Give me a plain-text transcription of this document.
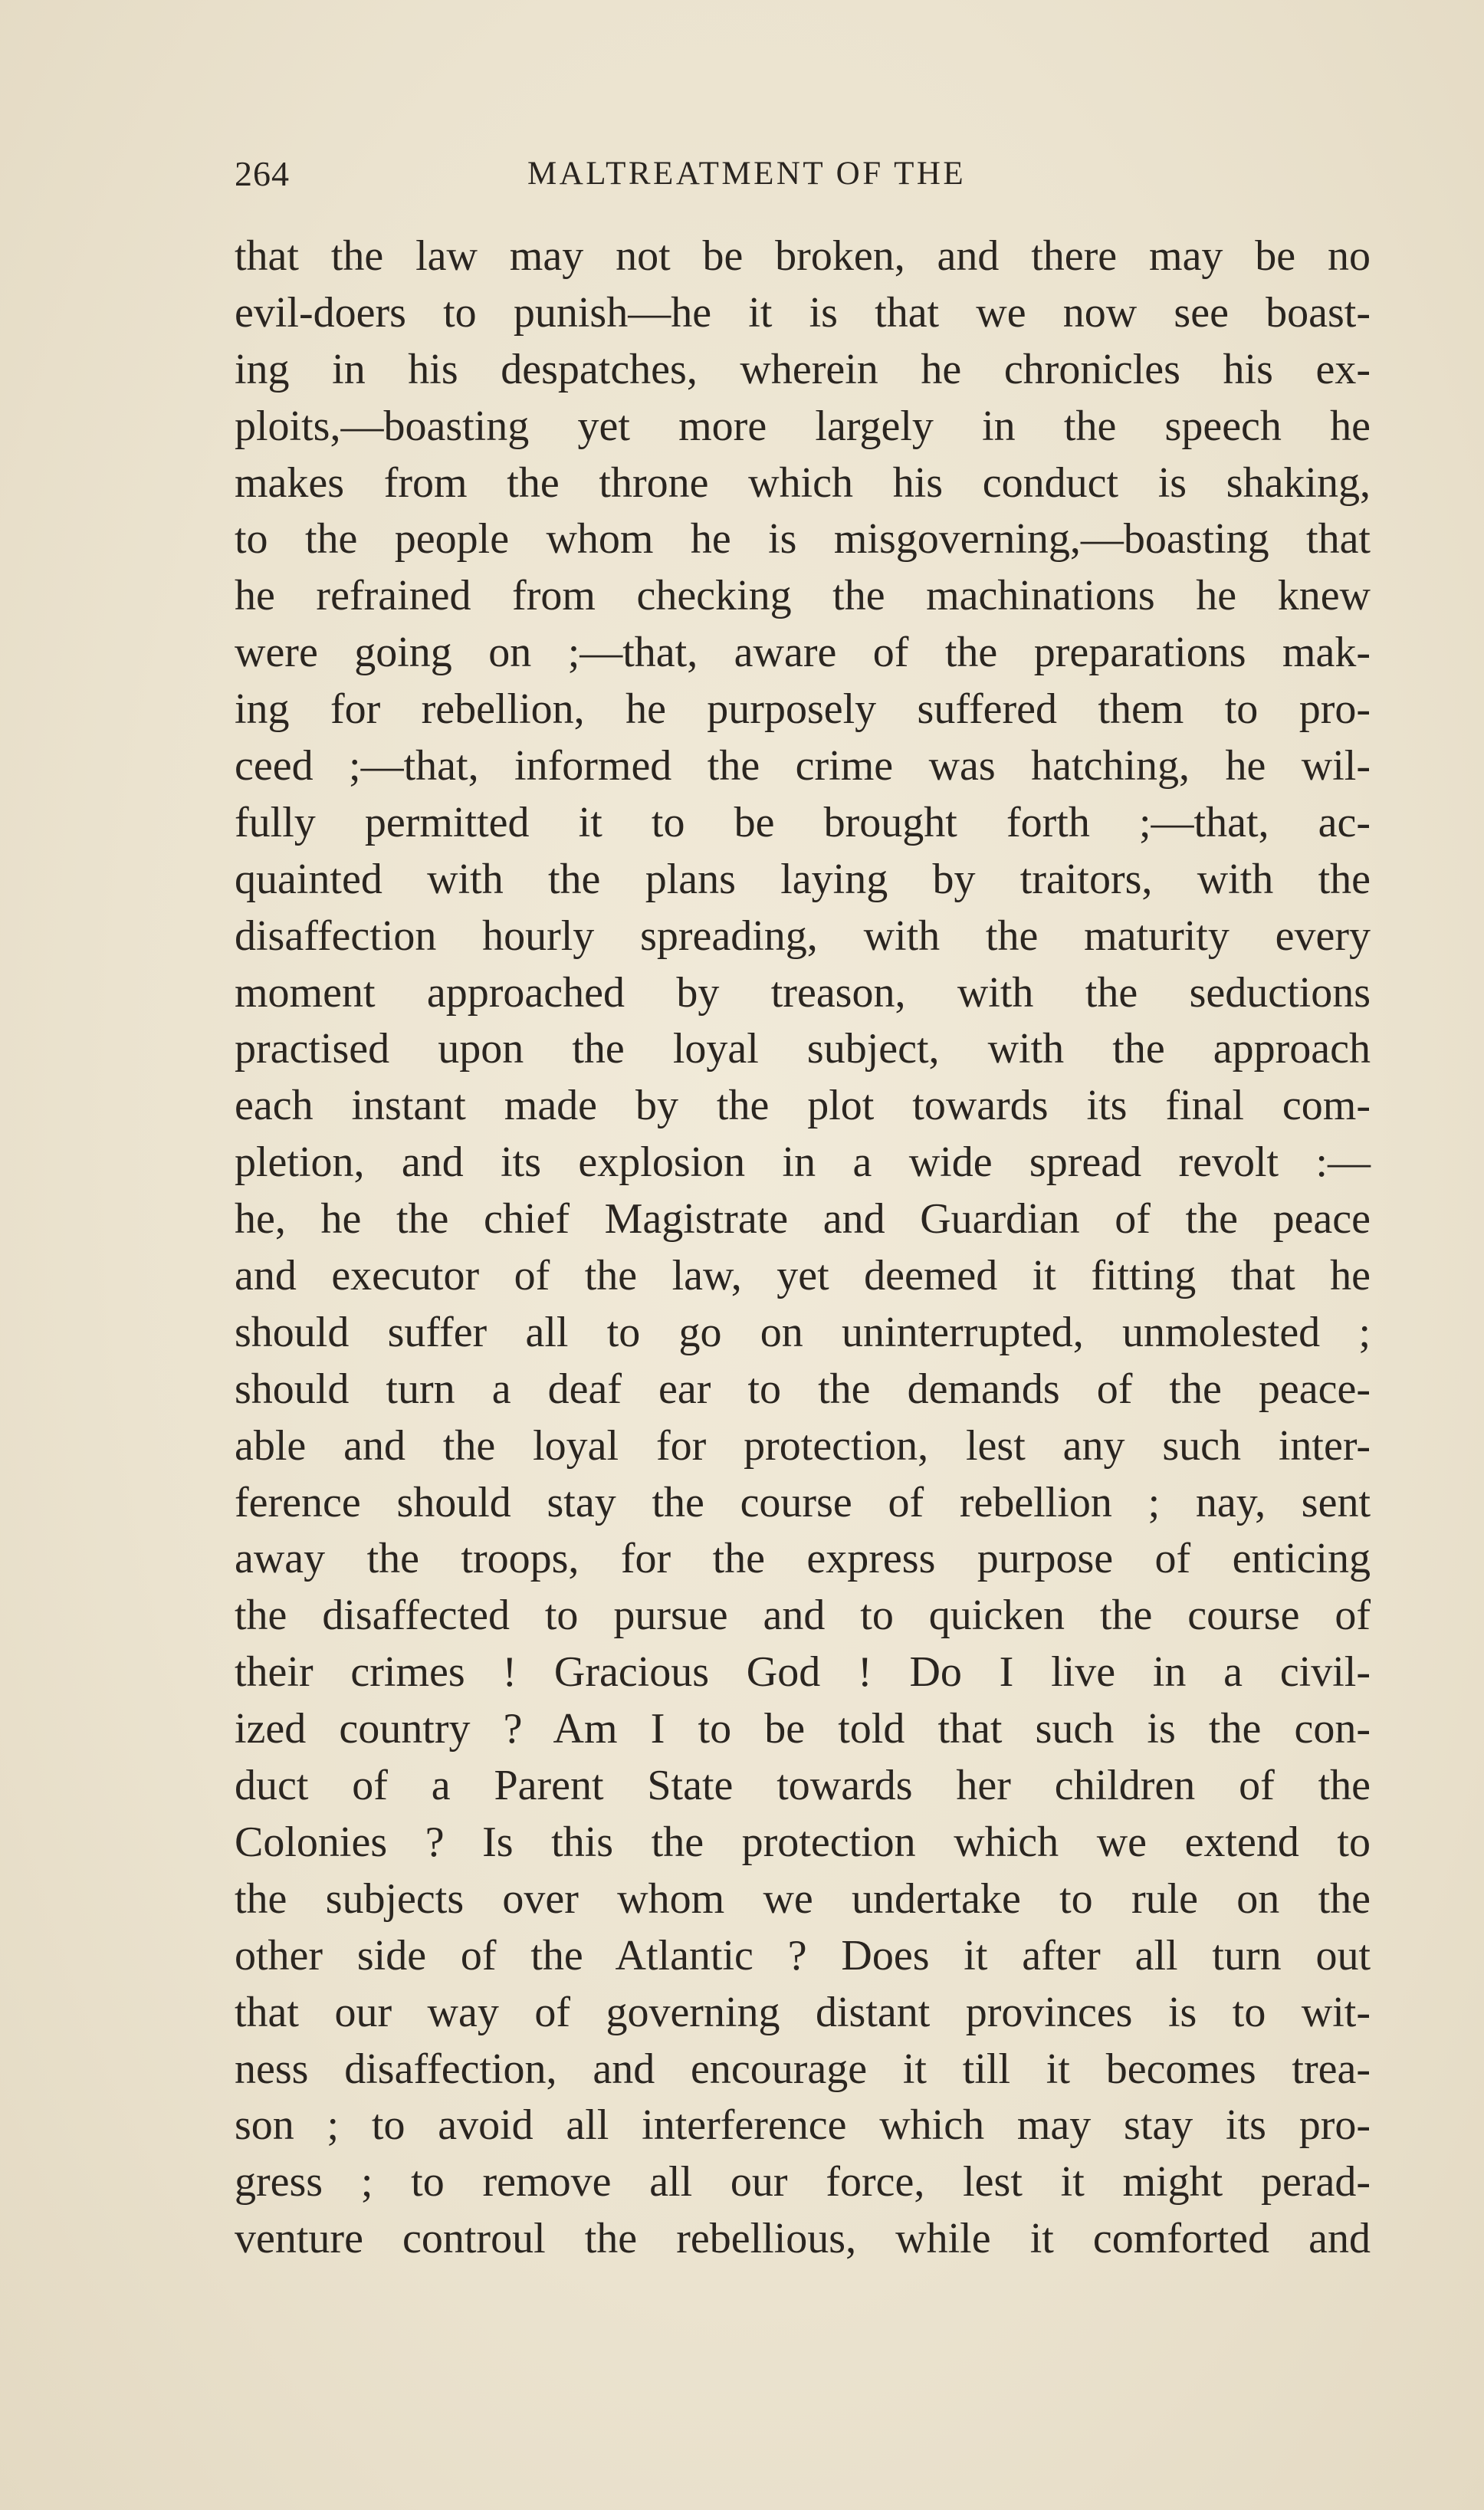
264	MALTREATMENT OF THE
that the law may not be broken, and there may be no
evil-doers to punish—he it is that we now see boast-
ing in his despatches, wherein he chronicles his ex-
ploits,—boasting yet more largely in the speech he
makes from the throne which his conduct is shaking,
to the people whom he is misgoverning,—boasting that
he refrained from checking the machinations he knew
were going on ;—that, aware of the preparations mak-
ing for rebellion, he purposely suffered them to pro-
ceed ;—that, informed the crime was hatching, he wil-
fully permitted it to be brought forth ;—that, ac-
quainted with the plans laying by traitors, with the
disaffection hourly spreading, with the maturity every
moment approached by treason, with the seductions
practised upon the loyal subject, with the approach
each instant made by the plot towards its final com-
pletion, and its explosion in a wide spread revolt :—
he, he the chief Magistrate and Guardian of the peace
and executor of the law, yet deemed it fitting that he
should suffer all to go on uninterrupted, unmolested ;
should turn a deaf ear to the demands of the peace-
able and the loyal for protection, lest any such inter-
ference should stay the course of rebellion ; nay, sent
away the troops, for the express purpose of enticing
the disaffected to pursue and to quicken the course of
their crimes ! Gracious God ! Do I live in a civil-
ized country ? Am I to be told that such is the con-
duct of a Parent State towards her children of the
Colonies ? Is this the protection which we extend to
the subjects over whom we undertake to rule on the
other side of the Atlantic ? Does it after all turn out
that our way of governing distant provinces is to wit-
ness disaffection, and encourage it till it becomes trea-
son ; to avoid all interference which may stay its pro-
gress ; to remove all our force, lest it might perad-
venture controul the rebellious, while it comforted and
